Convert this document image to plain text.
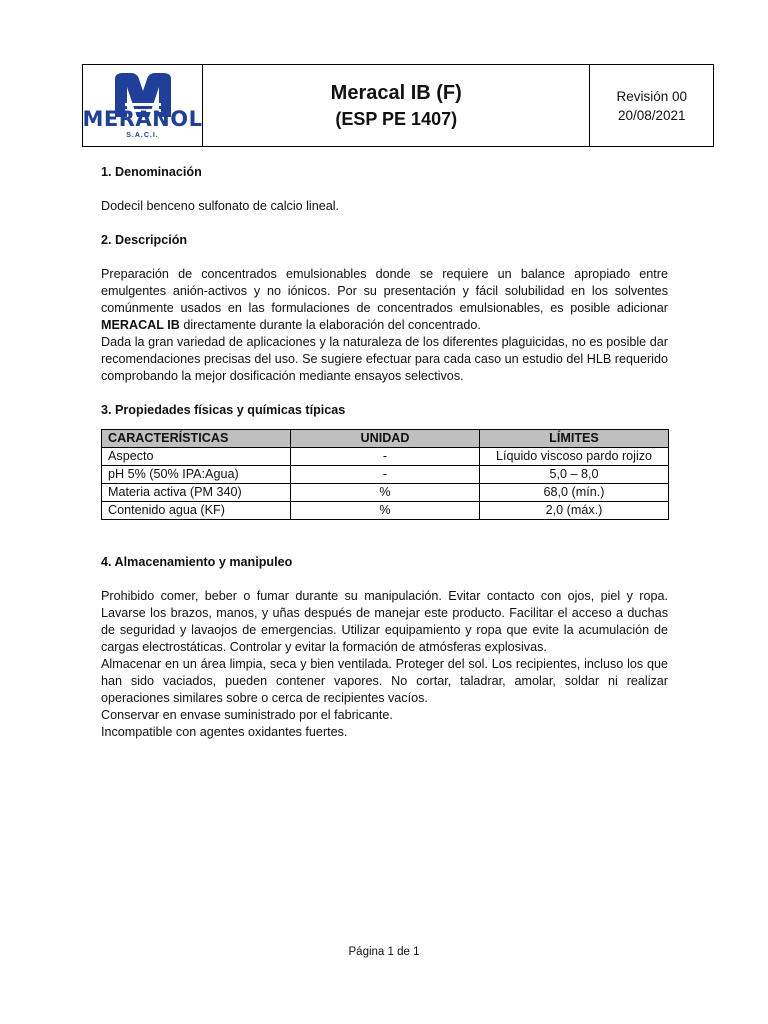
MERANOL
S.A.C.I.
Meracal IB (F)
(ESP PE 1407)
Revisión 00
20/08/2021
1. Denominación

Dodecil benceno sulfonato de calcio lineal.

2. Descripción

Preparación de concentrados emulsionables donde se requiere un balance apropiado entre emulgentes anión-activos y no iónicos. Por su presentación y fácil solubilidad en los solventes comúnmente usados en las formulaciones de concentrados emulsionables, es posible adicionar MERACAL IB directamente durante la elaboración del concentrado.

Dada la gran variedad de aplicaciones y la naturaleza de los diferentes plaguicidas, no es posible dar recomendaciones precisas del uso. Se sugiere efectuar para cada caso un estudio del HLB requerido comprobando la mejor dosificación mediante ensayos selectivos.

3. Propiedades físicas y químicas típicas
CARACTERÍSTICAS	UNIDAD	LÍMITES
Aspecto	-	Líquido viscoso pardo rojizo
pH 5% (50% IPA:Agua)	-	5,0 – 8,0
Materia activa (PM 340)	%	68,0 (mín.)
Contenido agua (KF)	%	2,0 (máx.)
4. Almacenamiento y manipuleo

Prohibido comer, beber o fumar durante su manipulación. Evitar contacto con ojos, piel y ropa. Lavarse los brazos, manos, y uñas después de manejar este producto. Facilitar el acceso a duchas de seguridad y lavaojos de emergencias. Utilizar equipamiento y ropa que evite la acumulación de cargas electrostáticas. Controlar y evitar la formación de atmósferas explosivas.

Almacenar en un área limpia, seca y bien ventilada. Proteger del sol. Los recipientes, incluso los que han sido vaciados, pueden contener vapores. No cortar, taladrar, amolar, soldar ni realizar operaciones similares sobre o cerca de recipientes vacíos.

Conservar en envase suministrado por el fabricante.

Incompatible con agentes oxidantes fuertes.

Página 1 de 1
